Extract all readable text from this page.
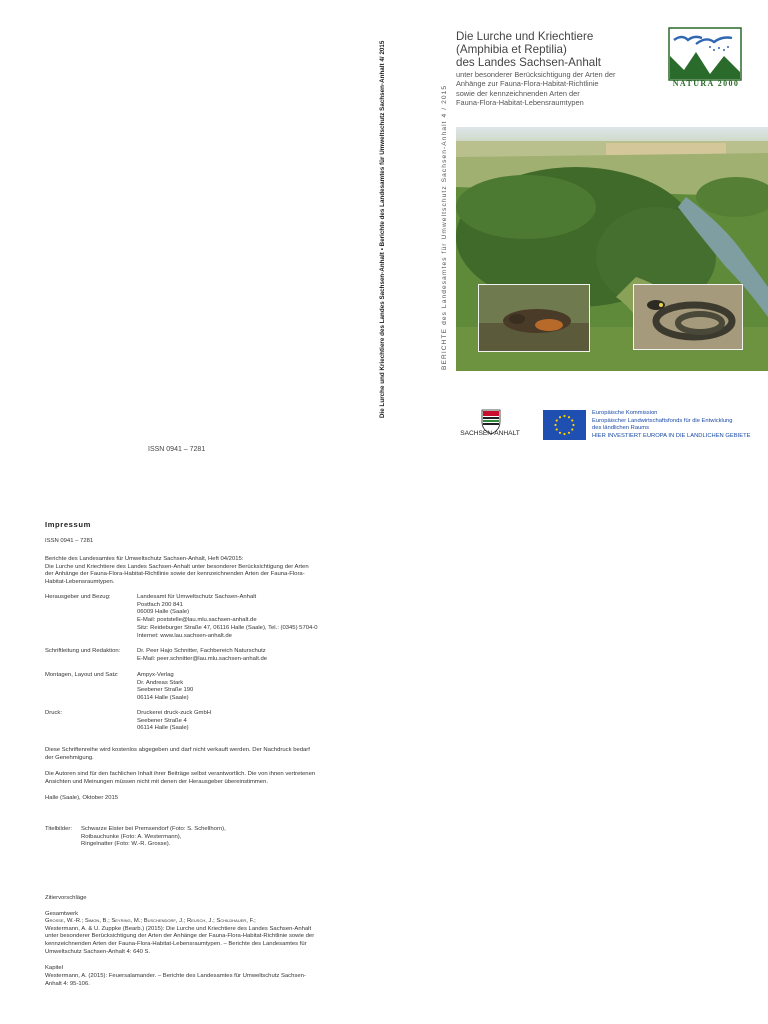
Die Lurche und Kriechtiere des Landes Sachsen-Anhalt • Berichte des Landesamtes für Umweltschutz Sachsen-Anhalt 4/ 2015	BERICHTE des Landesamtes für Umweltschutz Sachsen-Anhalt 4 / 2015
Die Lurche und Kriechtiere
(Amphibia et Reptilia)
des Landes Sachsen-Anhalt
unter besonderer Berücksichtigung der Arten der
Anhänge zur Fauna-Flora-Habitat-Richtlinie
sowie der kennzeichnenden Arten der
Fauna-Flora-Habitat-Lebensraumtypen
NATURA 2000
SACHSEN-ANHALT
Europäische Kommission
Europäischer Landwirtschaftsfonds für die Entwicklung
des ländlichen Raums
HIER INVESTIERT EUROPA IN DIE LÄNDLICHEN GEBIETE
ISSN 0941 – 7281
Impressum
ISSN 0941 – 7281
Berichte des Landesamtes für Umweltschutz Sachsen-Anhalt, Heft 04/2015:
Die Lurche und Kriechtiere des Landes Sachsen-Anhalt unter besonderer Berücksichtigung der Arten
der Anhänge der Fauna-Flora-Habitat-Richtlinie sowie der kennzeichnenden Arten der Fauna-Flora-
Habitat-Lebensraumtypen.
Herausgeber und Bezug:	Landesamt für Umweltschutz Sachsen-Anhalt
Postfach 200 841
06009 Halle (Saale)
E-Mail: poststelle@lau.mlu.sachsen-anhalt.de
Sitz: Reideburger Straße 47, 06116 Halle (Saale), Tel.: (0345) 5704-0
Internet: www.lau.sachsen-anhalt.de
Schriftleitung und Redaktion:	Dr. Peer Hajo Schnitter, Fachbereich Naturschutz
E-Mail: peer.schnitter@lau.mlu.sachsen-anhalt.de
Montagen, Layout und Satz:	Ampyx-Verlag
Dr. Andreas Stark
Seebener Straße 190
06114 Halle (Saale)
Druck:	Druckerei druck-zuck GmbH
Seebener Straße 4
06114 Halle (Saale)
Diese Schriftenreihe wird kostenlos abgegeben und darf nicht verkauft werden. Der Nachdruck bedarf
der Genehmigung.
Die Autoren sind für den fachlichen Inhalt ihrer Beiträge selbst verantwortlich. Die von ihnen vertretenen
Ansichten und Meinungen müssen nicht mit denen der Herausgeber übereinstimmen.
Halle (Saale), Oktober 2015
Titelbilder:	Schwarze Elster bei Premsendorf (Foto: S. Schellhorn),
Rotbauchunke (Foto: A. Westermann),
Ringelnatter (Foto: W.-R. Grosse).
Zitiervorschläge
Gesamtwerk
Grosse, W.-R.; Simon, B.; Seyring, M.; Buschendorf, J.; Reusch, J.; Schildhauer, F.;
Westermann, A. & U. Zuppke (Bearb.) (2015): Die Lurche und Kriechtiere des Landes Sachsen-Anhalt
unter besonderer Berücksichtigung der Arten der Anhänge der Fauna-Flora-Habitat-Richtlinie sowie der
kennzeichnenden Arten der Fauna-Flora-Habitat-Lebensraumtypen. – Berichte des Landesamtes für
Umweltschutz Sachsen-Anhalt 4: 640 S.
Kapitel
Westermann, A. (2015): Feuersalamander. – Berichte des Landesamtes für Umweltschutz Sachsen-
Anhalt 4: 95-106.
